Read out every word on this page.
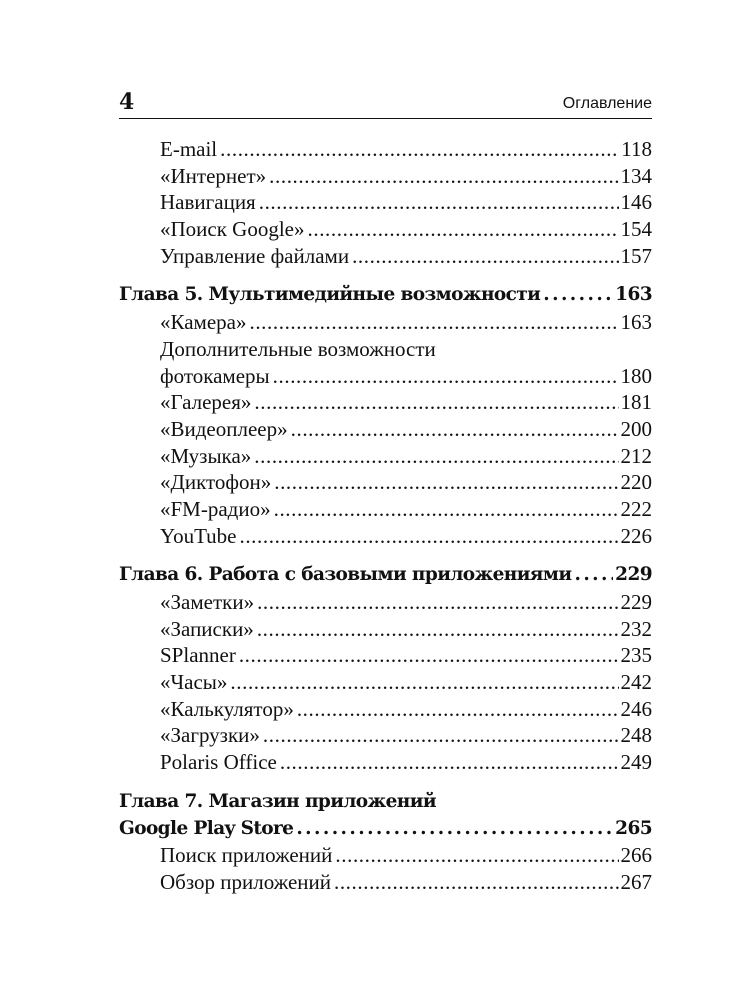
4	Оглавление
E-mail .....	118
«Интернет» .....	134
Навигация .....	146
«Поиск Google» .....	154
Управление файлами .....	157
Глава 5. Мультимедийные возможности .....	163
«Камера» .....	163
Дополнительные возможности
фотокамеры .....	180
«Галерея» .....	181
«Видеоплеер» .....	200
«Музыка» .....	212
«Диктофон» .....	220
«FM-радио» .....	222
YouTube .....	226
Глава 6. Работа с базовыми приложениями ..... 229
«Заметки» .....	229
«Записки» .....	232
SPlanner .....	235
«Часы» .....	242
«Калькулятор» .....	246
«Загрузки» .....	248
Polaris Office .....	249
Глава 7. Магазин приложений
Google Play Store .....	265
Поиск приложений .....	266
Обзор приложений .....	267
